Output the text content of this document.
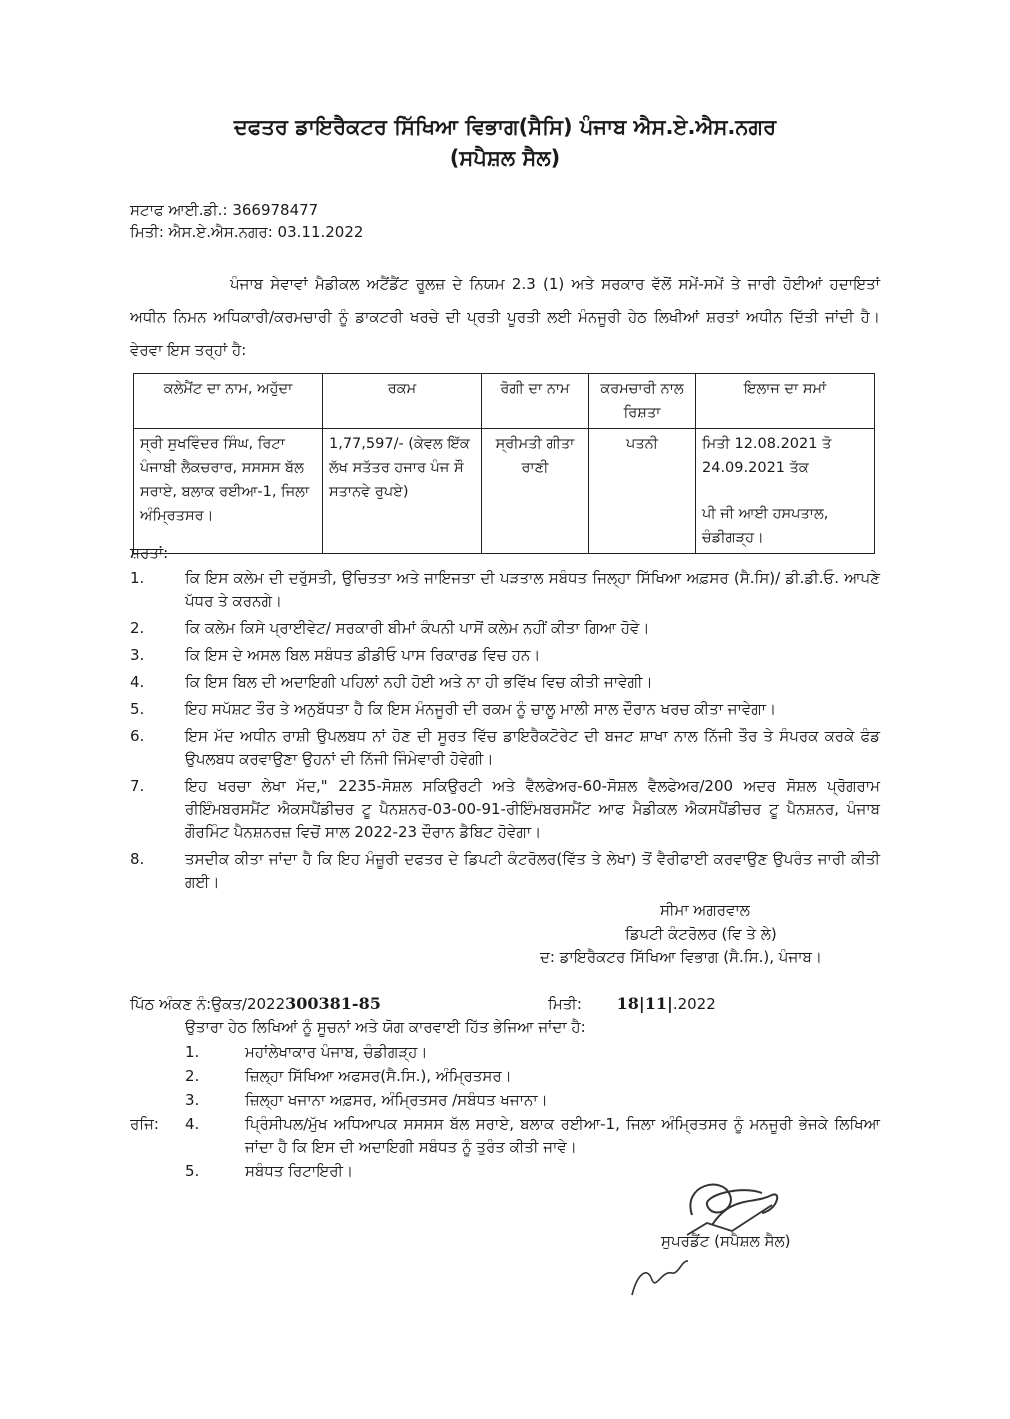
ਦਫਤਰ ਡਾਇਰੈਕਟਰ ਸਿੱਖਿਆ ਵਿਭਾਗ(ਸੈਸਿ) ਪੰਜਾਬ ਐਸ.ਏ.ਐਸ.ਨਗਰ
(ਸਪੈਸ਼ਲ ਸੈਲ)
ਸਟਾਫ ਆਈ.ਡੀ.: 366978477
ਮਿਤੀ: ਐਸ.ਏ.ਐਸ.ਨਗਰ: 03.11.2022
ਪੰਜਾਬ ਸੇਵਾਵਾਂ ਮੈਡੀਕਲ ਅਟੈਂਡੈਂਟ ਰੂਲਜ਼ ਦੇ ਨਿਯਮ 2.3 (1) ਅਤੇ ਸਰਕਾਰ ਵੱਲੋਂ ਸਮੇਂ-ਸਮੇਂ ਤੇ ਜਾਰੀ ਹੋਈਆਂ ਹਦਾਇਤਾਂ ਅਧੀਨ ਨਿਮਨ ਅਧਿਕਾਰੀ/ਕਰਮਚਾਰੀ ਨੂੰ ਡਾਕਟਰੀ ਖਰਚੇ ਦੀ ਪ੍ਰਤੀ ਪੂਰਤੀ ਲਈ ਮੰਨਜੂਰੀ ਹੇਠ ਲਿਖੀਆਂ ਸ਼ਰਤਾਂ ਅਧੀਨ ਦਿੱਤੀ ਜਾਂਦੀ ਹੈ। ਵੇਰਵਾ ਇਸ ਤਰ੍ਹਾਂ ਹੈ:
ਕਲੇਮੈਂਟ ਦਾ ਨਾਮ, ਅਹੁੱਦਾ	ਰਕਮ	ਰੋਗੀ ਦਾ ਨਾਮ	ਕਰਮਚਾਰੀ ਨਾਲ ਰਿਸ਼ਤਾ	ਇਲਾਜ ਦਾ ਸਮਾਂ
ਸ੍ਰੀ ਸੁਖਵਿੰਦਰ ਸਿੰਘ, ਰਿਟਾ ਪੰਜਾਬੀ ਲੈਕਚਰਾਰ, ਸਸਸਸ ਬੱਲ ਸਰਾਏ, ਬਲਾਕ ਰਈਆ-1, ਜਿਲਾ ਅੰਮ੍ਰਿਤਸਰ।	1,77,597/- (ਕੇਵਲ ਇੱਕ ਲੱਖ ਸਤੱਤਰ ਹਜਾਰ ਪੰਜ ਸੌ ਸਤਾਨਵੇ ਰੁਪਏ)	ਸ੍ਰੀਮਤੀ ਗੀਤਾ ਰਾਣੀ	ਪਤਨੀ	ਮਿਤੀ 12.08.2021 ਤੋ 24.09.2021 ਤੱਕ
ਪੀ ਜੀ ਆਈ ਹਸਪਤਾਲ, ਚੰਡੀਗੜ੍ਹ।
ਸ਼ਰਤਾਂ:
1.	ਕਿ ਇਸ ਕਲੇਮ ਦੀ ਦਰੁੱਸਤੀ, ਉਚਿਤਤਾ ਅਤੇ ਜਾਇਜਤਾ ਦੀ ਪੜਤਾਲ ਸਬੰਧਤ ਜਿਲ੍ਹਾ ਸਿੱਖਿਆ ਅਫ਼ਸਰ (ਸੈ.ਸਿ)/ ਡੀ.ਡੀ.ਓ. ਆਪਣੇ ਪੱਧਰ ਤੇ ਕਰਨਗੇ।
2.	ਕਿ ਕਲੇਮ ਕਿਸੇ ਪ੍ਰਾਈਵੇਟ/ ਸਰਕਾਰੀ ਬੀਮਾਂ ਕੰਪਨੀ ਪਾਸੋਂ ਕਲੇਮ ਨਹੀਂ ਕੀਤਾ ਗਿਆ ਹੋਵੇ।
3.	ਕਿ ਇਸ ਦੇ ਅਸਲ ਬਿਲ ਸਬੰਧਤ ਡੀਡੀਓ ਪਾਸ ਰਿਕਾਰਡ ਵਿਚ ਹਨ।
4.	ਕਿ ਇਸ ਬਿਲ ਦੀ ਅਦਾਇਗੀ ਪਹਿਲਾਂ ਨਹੀ ਹੋਈ ਅਤੇ ਨਾ ਹੀ ਭਵਿੱਖ ਵਿਚ ਕੀਤੀ ਜਾਵੇਗੀ।
5.	ਇਹ ਸਪੱਸ਼ਟ ਤੌਰ ਤੇ ਅਨੁਬੱਧਤਾ ਹੈ ਕਿ ਇਸ ਮੰਨਜੂਰੀ ਦੀ ਰਕਮ ਨੂੰ ਚਾਲੂ ਮਾਲੀ ਸਾਲ ਦੌਰਾਨ ਖਰਚ ਕੀਤਾ ਜਾਵੇਗਾ।
6.	ਇਸ ਮੱਦ ਅਧੀਨ ਰਾਸ਼ੀ ਉਪਲਬਧ ਨਾਂ ਹੋਣ ਦੀ ਸੂਰਤ ਵਿੱਚ ਡਾਇਰੈਕਟੋਰੇਟ ਦੀ ਬਜਟ ਸ਼ਾਖਾ ਨਾਲ ਨਿੱਜੀ ਤੌਰ ਤੇ ਸੰਪਰਕ ਕਰਕੇ ਫੰਡ ਉਪਲਬਧ ਕਰਵਾਉਣਾ ਉਹਨਾਂ ਦੀ ਨਿੱਜੀ ਜਿੰਮੇਵਾਰੀ ਹੋਵੇਗੀ।
7.	ਇਹ ਖਰਚਾ ਲੇਖਾ ਮੱਦ," 2235-ਸੋਸ਼ਲ ਸਕਿਉਰਟੀ ਅਤੇ ਵੈਲਫੇਅਰ-60-ਸੋਸ਼ਲ ਵੈਲਫੇਅਰ/200 ਅਦਰ ਸੋਸ਼ਲ ਪ੍ਰੋਗਰਾਮ ਰੀਇੰਮਬਰਸਮੈਂਟ ਐਕਸਪੈਂਡੀਚਰ ਟੂ ਪੈਨਸ਼ਨਰ-03-00-91-ਰੀਇੰਮਬਰਸਮੈਂਟ ਆਫ ਮੈਡੀਕਲ ਐਕਸਪੈਂਡੀਚਰ ਟੂ ਪੈਨਸ਼ਨਰ, ਪੰਜਾਬ ਗੌਰਮਿੰਟ ਪੈਨਸ਼ਨਰਜ਼ ਵਿਚੋਂ ਸਾਲ 2022-23 ਦੌਰਾਨ ਡੈਬਿਟ ਹੋਵੇਗਾ।
8.	ਤਸਦੀਕ ਕੀਤਾ ਜਾਂਦਾ ਹੈ ਕਿ ਇਹ ਮੰਜ਼ੂਰੀ ਦਫਤਰ ਦੇ ਡਿਪਟੀ ਕੰਟਰੋਲਰ(ਵਿੱਤ ਤੇ ਲੇਖਾ) ਤੋਂ ਵੈਰੀਫਾਈ ਕਰਵਾਉਣ ਉਪਰੰਤ ਜਾਰੀ ਕੀਤੀ ਗਈ।
ਸੀਮਾ ਅਗਰਵਾਲ
ਡਿਪਟੀ ਕੰਟਰੋਲਰ (ਵਿ ਤੇ ਲੇ)
ਦ: ਡਾਇਰੈਕਟਰ ਸਿੱਖਿਆ ਵਿਭਾਗ (ਸੈ.ਸਿ.), ਪੰਜਾਬ।
ਪਿੱਠ ਅੰਕਣ ਨੰ:ਉਕਤ/2022300381-85	ਮਿਤੀ: 18|11|.2022
ਉਤਾਰਾ ਹੇਠ ਲਿਖਿਆਂ ਨੂੰ ਸੂਚਨਾਂ ਅਤੇ ਯੋਗ ਕਾਰਵਾਈ ਹਿੱਤ ਭੇਜਿਆ ਜਾਂਦਾ ਹੈ:
1.	ਮਹਾਂਲੇਖਾਕਾਰ ਪੰਜਾਬ, ਚੰਡੀਗੜ੍ਹ।
2.	ਜ਼ਿਲ੍ਹਾ ਸਿੱਖਿਆ ਅਫਸਰ(ਸੈ.ਸਿ.), ਅੰਮ੍ਰਿਤਸਰ।
3.	ਜ਼ਿਲ੍ਹਾ ਖਜਾਨਾ ਅਫ਼ਸਰ, ਅੰਮ੍ਰਿਤਸਰ /ਸਬੰਧਤ ਖਜਾਨਾ।
ਰਜਿ:	4.	ਪ੍ਰਿੰਸੀਪਲ/ਮੁੱਖ ਅਧਿਆਪਕ ਸਸਸਸ ਬੱਲ ਸਰਾਏ, ਬਲਾਕ ਰਈਆ-1, ਜਿਲਾ ਅੰਮ੍ਰਿਤਸਰ ਨੂੰ ਮਨਜੂਰੀ ਭੇਜਕੇ ਲਿਖਿਆ ਜਾਂਦਾ ਹੈ ਕਿ ਇਸ ਦੀ ਅਦਾਇਗੀ ਸਬੰਧਤ ਨੂੰ ਤੁਰੰਤ ਕੀਤੀ ਜਾਵੇ।
5.	ਸਬੰਧਤ ਰਿਟਾਇਰੀ।
ਸੁਪਰਡੈਂਟ (ਸਪੈਸ਼ਲ ਸੈਲ)
